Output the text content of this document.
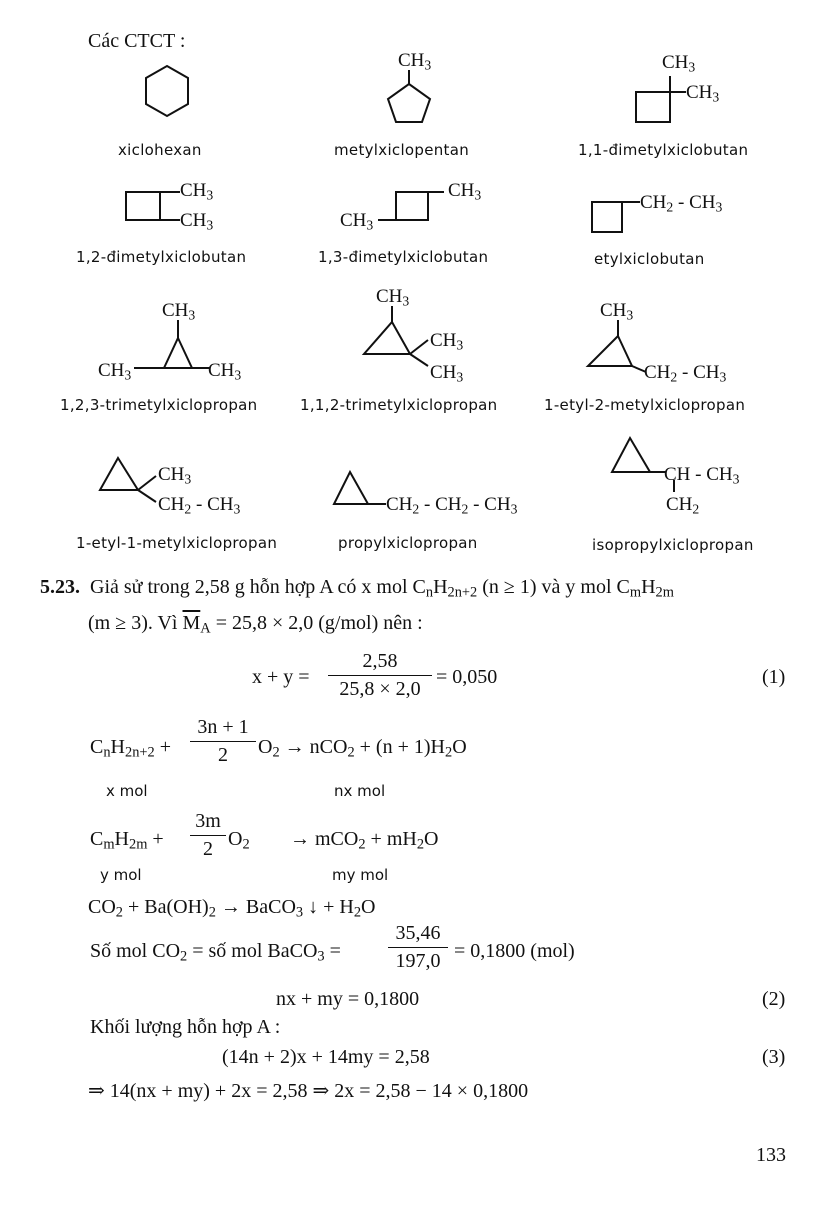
Các CTCT :
xiclohexan
$CH_3$
metylxiclopentan
$CH_3$
$CH_3$
1,1-đimetylxiclobutan
$CH_3$
$CH_3$
1,2-đimetylxiclobutan
$CH_3$
$CH_3$
1,3-đimetylxiclobutan
$CH_2 - CH_3$
etylxiclobutan
$CH_3$
$CH_3$	$CH_3$
1,2,3-trimetylxiclopropan
$CH_3$
$CH_3$
$CH_3$
1,1,2-trimetylxiclopropan
$CH_3$
$CH_2 - CH_3$
1-etyl-2-metylxiclopropan
$CH_3$
$CH_2 - CH_3$
1-etyl-1-metylxiclopropan
$CH_2 - CH_2 - CH_3$
propylxiclopropan
CH - $CH_3$
$CH_2$
isopropylxiclopropan
5.23. Giả sử trong 2,58 g hỗn hợp A có x mol $C_nH_{2n+2}$ (n ≥ 1) và y mol $C_mH_{2m}$
(m ≥ 3). Vì $\overline{M}_A = 25,8 \times 2,0$ (g/mol) nên :
x + y =
2,58
25,8 × 2,0
= 0,050	(1)
$C_nH_{2n+2}$ +
3n + 1
2	$O_2 \to nCO_2 + (n + 1)H_2O$
x mol	nx mol
$C_mH_{2m}$ +
3m
2 $O_2 \to mCO_2 + mH_2O$
y mol	my mol
$CO_2 + Ba(OH)_2$ → BaCO$_3$ ↓ + $H_2O$
Số mol $CO_2$ = số mol BaCO$_3$ =
35,46
197,0 = 0,1800 (mol)
nx + my = 0,1800	(2)
Khối lượng hỗn hợp A :
(14n + 2)x + 14my = 2,58	(3)
⇒ 14(nx + my) + 2x = 2,58 ⇒ 2x = 2,58 − 14 × 0,1800
133
